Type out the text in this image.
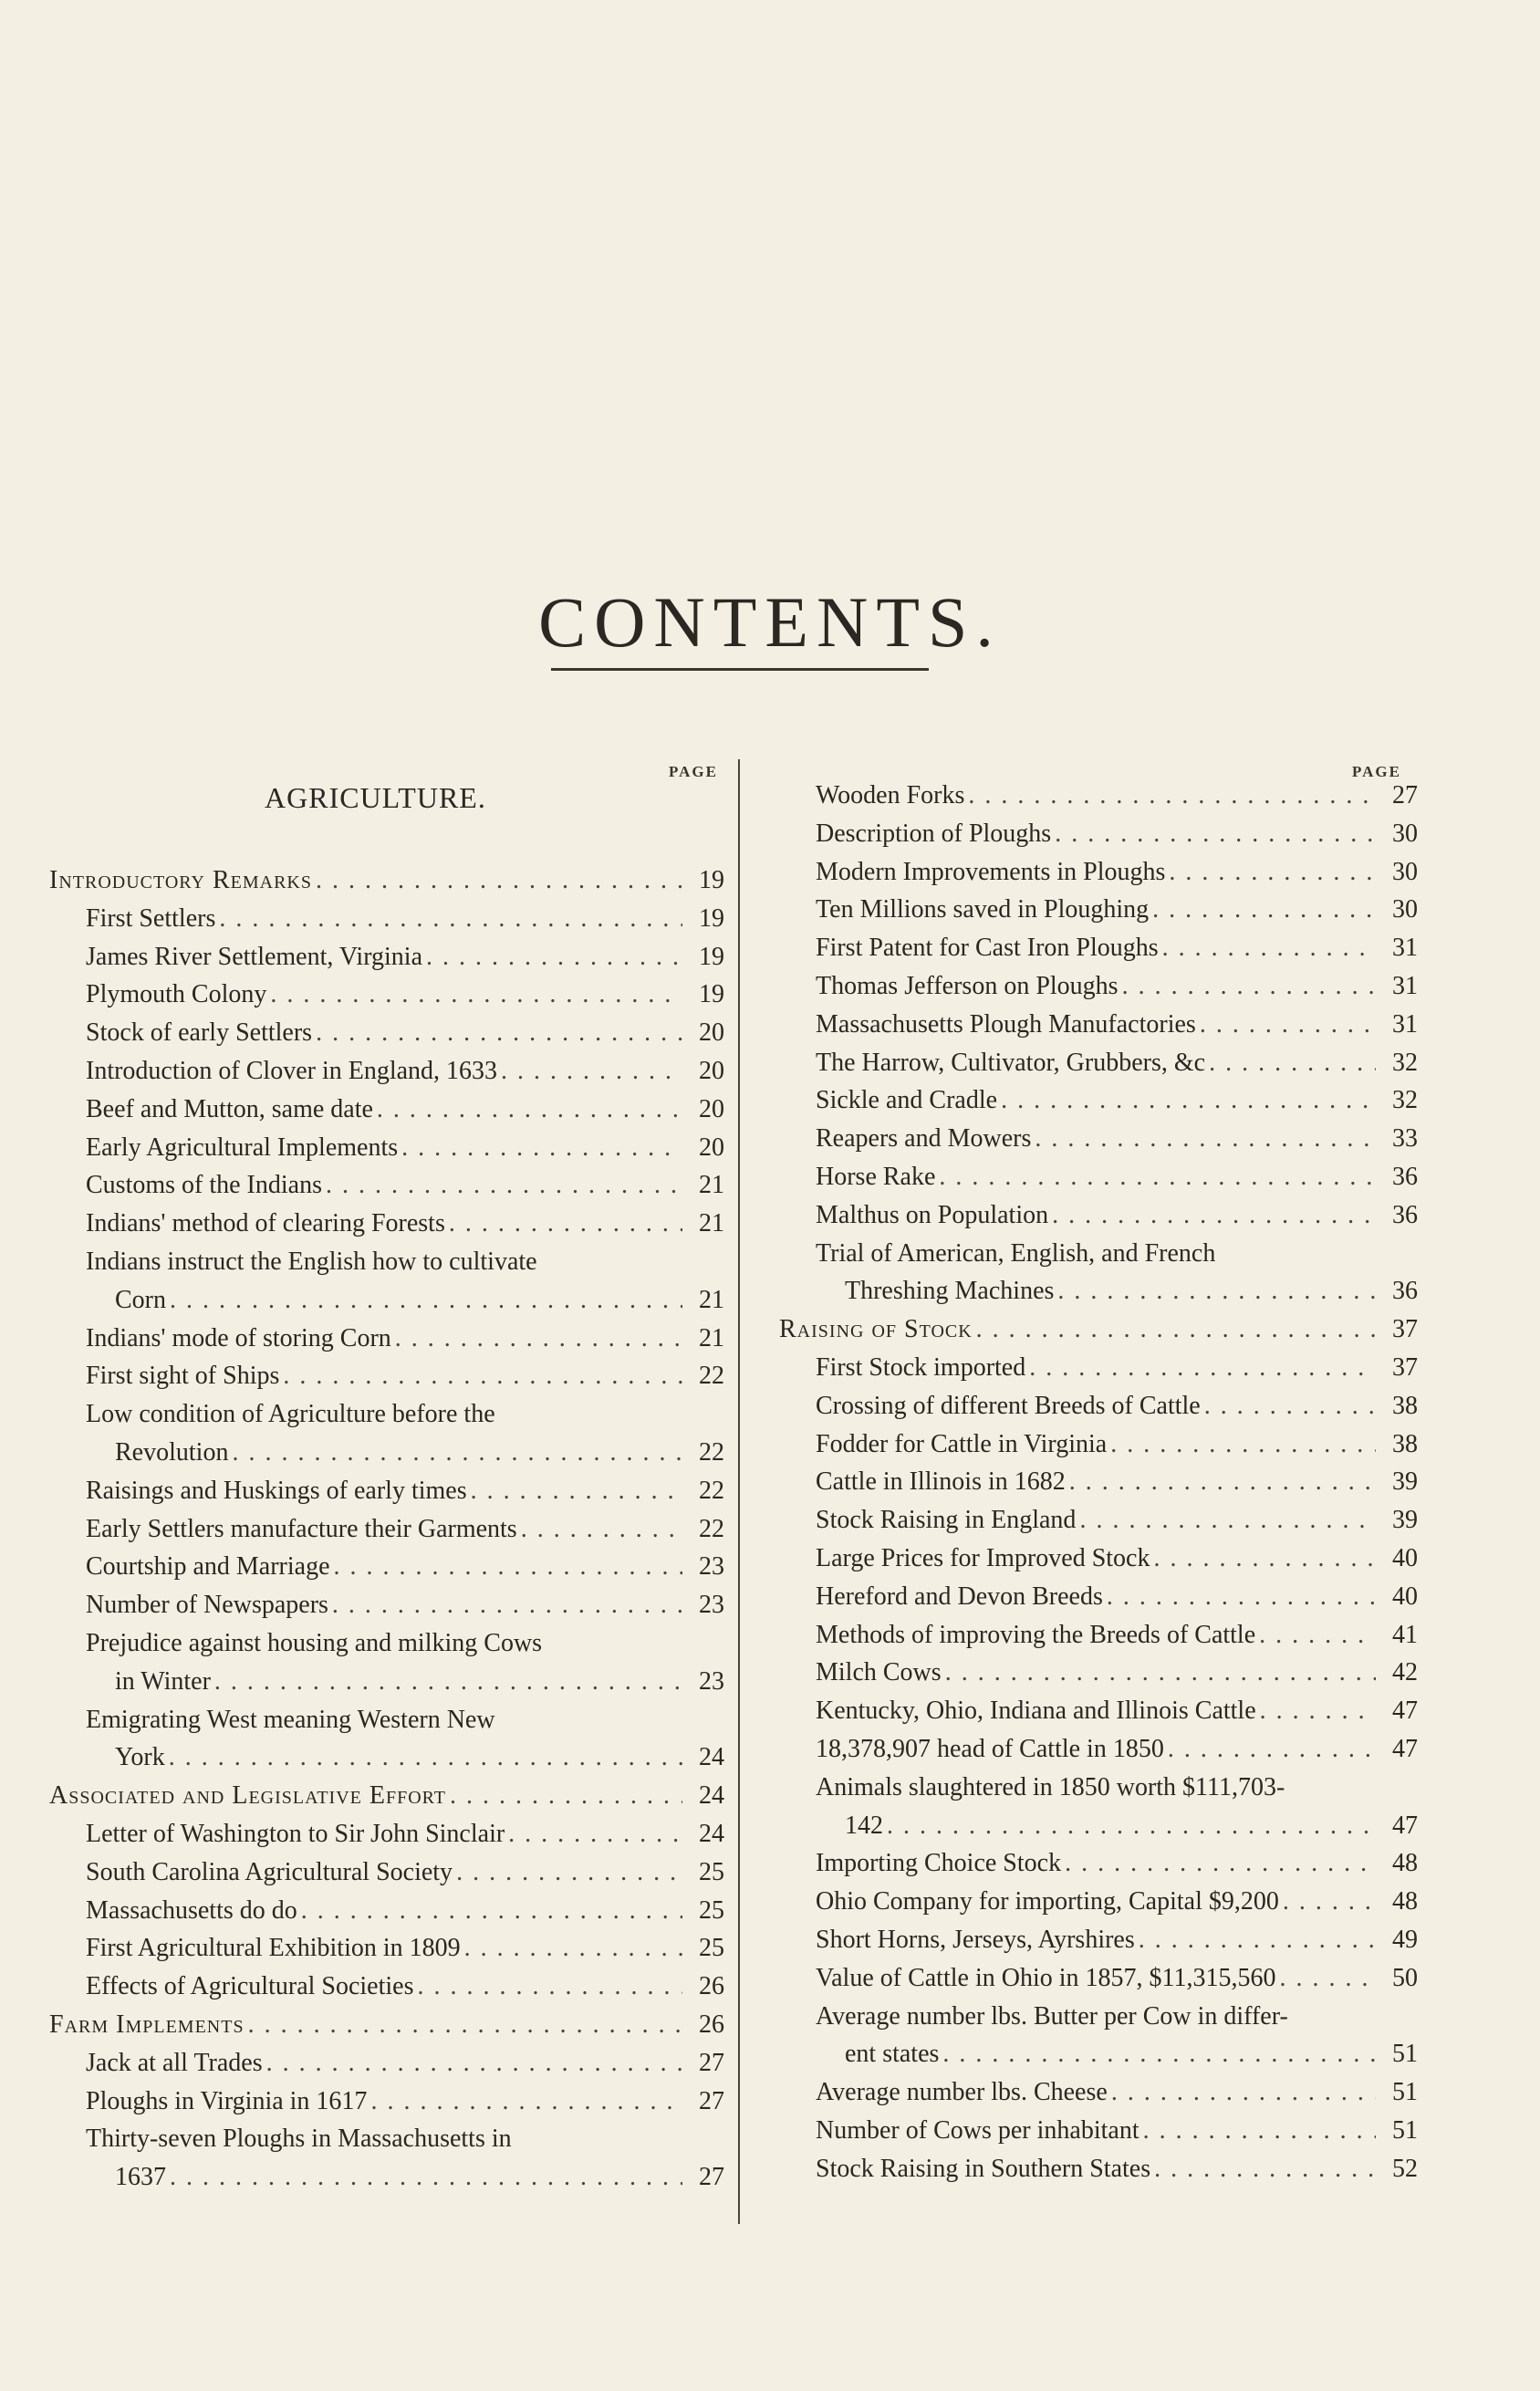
CONTENTS.
PAGE	PAGE
AGRICULTURE.
Introductory Remarks . . .	19
First Settlers . . .	19
James River Settlement, Virginia . . .	19
Plymouth Colony . . .	19
Stock of early Settlers . . .	20
Introduction of Clover in England, 1633 . . .	20
Beef and Mutton, same date . . .	20
Early Agricultural Implements . . .	20
Customs of the Indians . . .	21
Indians' method of clearing Forests . . .	21
Indians instruct the English how to cultivate
Corn . . .	21
Indians' mode of storing Corn . . .	21
First sight of Ships . . .	22
Low condition of Agriculture before the
Revolution . . .	22
Raisings and Huskings of early times . . .	22
Early Settlers manufacture their Garments . . .	22
Courtship and Marriage . . .	23
Number of Newspapers . . .	23
Prejudice against housing and milking Cows
in Winter . . .	23
Emigrating West meaning Western New
York . . .	24
Associated and Legislative Effort . . .	24
Letter of Washington to Sir John Sinclair . . .	24
South Carolina Agricultural Society . . .	25
Massachusetts do do . . .	25
First Agricultural Exhibition in 1809 . . .	25
Effects of Agricultural Societies . . .	26
Farm Implements . . .	26
Jack at all Trades . . .	27
Ploughs in Virginia in 1617 . . .	27
Thirty-seven Ploughs in Massachusetts in
1637 . . .	27
Wooden Forks . . .	27
Description of Ploughs . . .	30
Modern Improvements in Ploughs . . .	30
Ten Millions saved in Ploughing . . .	30
First Patent for Cast Iron Ploughs . . .	31
Thomas Jefferson on Ploughs . . .	31
Massachusetts Plough Manufactories . . .	31
The Harrow, Cultivator, Grubbers, &c . . .	32
Sickle and Cradle . . .	32
Reapers and Mowers . . .	33
Horse Rake . . .	36
Malthus on Population . . .	36
Trial of American, English, and French
Threshing Machines . . .	36
Raising of Stock . . .	37
First Stock imported . . .	37
Crossing of different Breeds of Cattle . . .	38
Fodder for Cattle in Virginia . . .	38
Cattle in Illinois in 1682 . . .	39
Stock Raising in England . . .	39
Large Prices for Improved Stock . . .	40
Hereford and Devon Breeds . . .	40
Methods of improving the Breeds of Cattle . . .	41
Milch Cows . . .	42
Kentucky, Ohio, Indiana and Illinois Cattle . . .	47
18,378,907 head of Cattle in 1850 . . .	47
Animals slaughtered in 1850 worth $111,703-
142 . . .	47
Importing Choice Stock . . .	48
Ohio Company for importing, Capital $9,200 . . .	48
Short Horns, Jerseys, Ayrshires . . .	49
Value of Cattle in Ohio in 1857, $11,315,560 . . .	50
Average number lbs. Butter per Cow in differ-
ent states . . .	51
Average number lbs. Cheese . . .	51
Number of Cows per inhabitant . . .	51
Stock Raising in Southern States . . .	52
